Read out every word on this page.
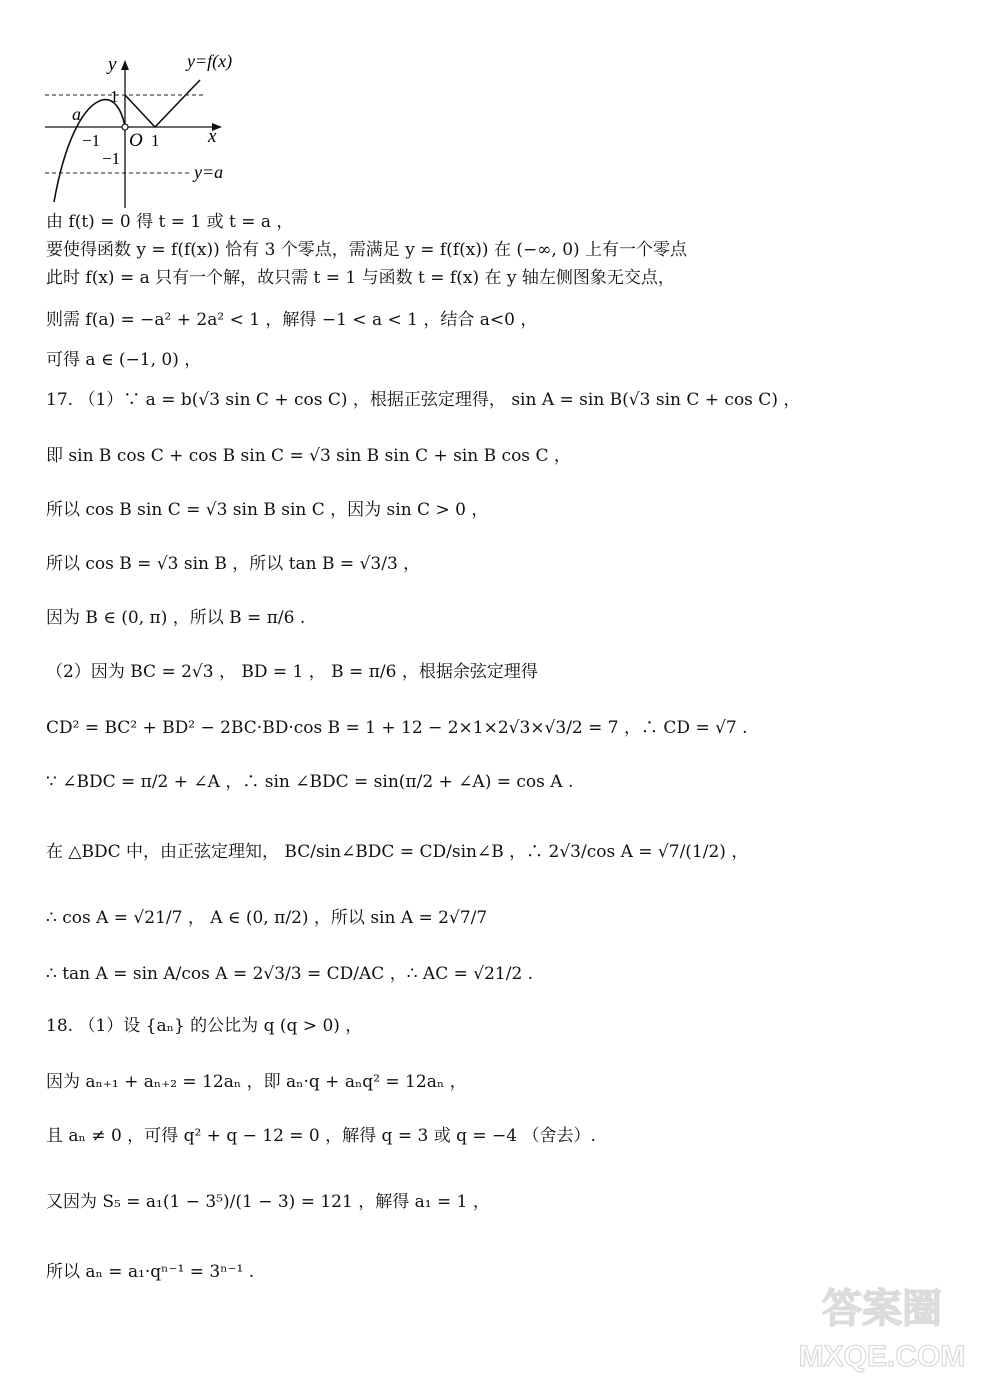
y	y=f(x)
x
a
1
−1 O 1
−1
y=a
由 f(t) = 0 得 t = 1 或 t = a ，
要使得函数 y = f(f(x)) 恰有 3 个零点，需满足 y = f(f(x)) 在 (−∞, 0) 上有一个零点
此时 f(x) = a 只有一个解，故只需 t = 1 与函数 t = f(x) 在 y 轴左侧图象无交点，
则需 f(a) = −a² + 2a² < 1 ，解得 −1 < a < 1 ，结合 a<0 ，
可得 a ∈ (−1, 0) ，
17. （1）∵ a = b(√3 sin C + cos C) ，根据正弦定理得， sin A = sin B(√3 sin C + cos C) ，
即 sin B cos C + cos B sin C = √3 sin B sin C + sin B cos C ，
所以 cos B sin C = √3 sin B sin C ，因为 sin C > 0 ，
所以 cos B = √3 sin B ，所以 tan B = √3/3 ，
因为 B ∈ (0, π) ，所以 B = π/6 .
（2）因为 BC = 2√3 ， BD = 1 ， B = π/6 ，根据余弦定理得
CD² = BC² + BD² − 2BC·BD·cos B = 1 + 12 − 2×1×2√3×√3/2 = 7 ，∴ CD = √7 .
∵ ∠BDC = π/2 + ∠A ，∴ sin ∠BDC = sin(π/2 + ∠A) = cos A .
在 △BDC 中，由正弦定理知， BC/sin∠BDC = CD/sin∠B ，∴ 2√3/cos A = √7/(1/2) ，
∴ cos A = √21/7 ， A ∈ (0, π/2) ，所以 sin A = 2√7/7
∴ tan A = sin A/cos A = 2√3/3 = CD/AC ，∴ AC = √21/2 .
18. （1）设 {aₙ} 的公比为 q (q > 0) ，
因为 aₙ₊₁ + aₙ₊₂ = 12aₙ ，即 aₙ·q + aₙq² = 12aₙ ，
且 aₙ ≠ 0 ，可得 q² + q − 12 = 0 ，解得 q = 3 或 q = −4 （舍去）.
又因为 S₅ = a₁(1 − 3⁵)/(1 − 3) = 121 ，解得 a₁ = 1 ，
所以 aₙ = a₁·qⁿ⁻¹ = 3ⁿ⁻¹ .
答案圈
MXQE.COM
